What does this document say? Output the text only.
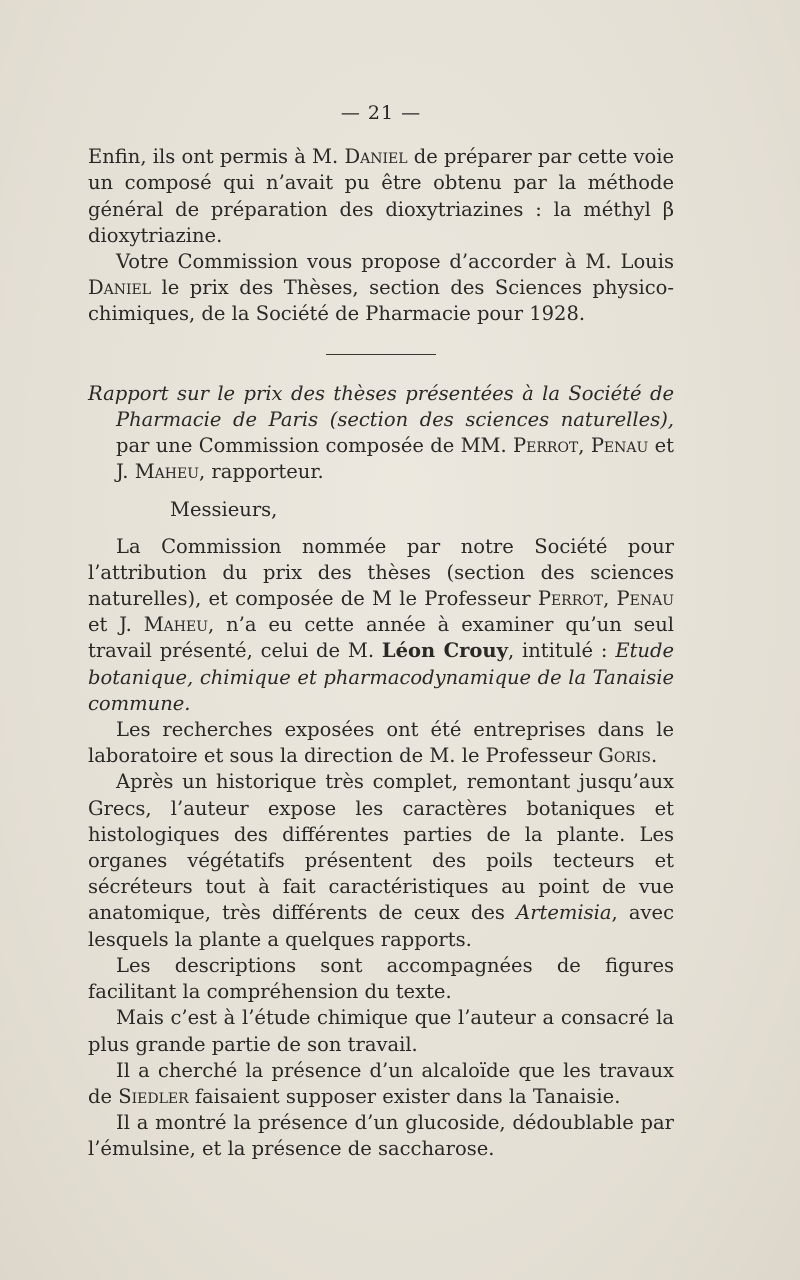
— 21 —

Enfin, ils ont permis à M. Daniel de préparer par cette voie un composé qui n’avait pu être obtenu par la méthode général de préparation des dioxytriazines : la méthyl β dioxytriazine.

Votre Commission vous propose d’accorder à M. Louis Daniel le prix des Thèses, section des Sciences physico-chimiques, de la Société de Pharmacie pour 1928.

Rapport sur le prix des thèses présentées à la Société de Pharmacie de Paris (section des sciences naturelles), par une Commission composée de MM. Perrot, Penau et J. Maheu, rapporteur.

Messieurs,

La Commission nommée par notre Société pour l’attribution du prix des thèses (section des sciences naturelles), et composée de M le Professeur Perrot, Penau et J. Maheu, n’a eu cette année à examiner qu’un seul travail présenté, celui de M. Léon Crouy, intitulé : Etude botanique, chimique et pharmacodynamique de la Tanaisie commune.

Les recherches exposées ont été entreprises dans le laboratoire et sous la direction de M. le Professeur Goris.

Après un historique très complet, remontant jusqu’aux Grecs, l’auteur expose les caractères botaniques et histologiques des différentes parties de la plante. Les organes végétatifs présentent des poils tecteurs et sécréteurs tout à fait caractéristiques au point de vue anatomique, très différents de ceux des Artemisia, avec lesquels la plante a quelques rapports.

Les descriptions sont accompagnées de figures facilitant la compréhension du texte.

Mais c’est à l’étude chimique que l’auteur a consacré la plus grande partie de son travail.

Il a cherché la présence d’un alcaloïde que les travaux de Siedler faisaient supposer exister dans la Tanaisie.

Il a montré la présence d’un glucoside, dédoublable par l’émulsine, et la présence de saccharose.
